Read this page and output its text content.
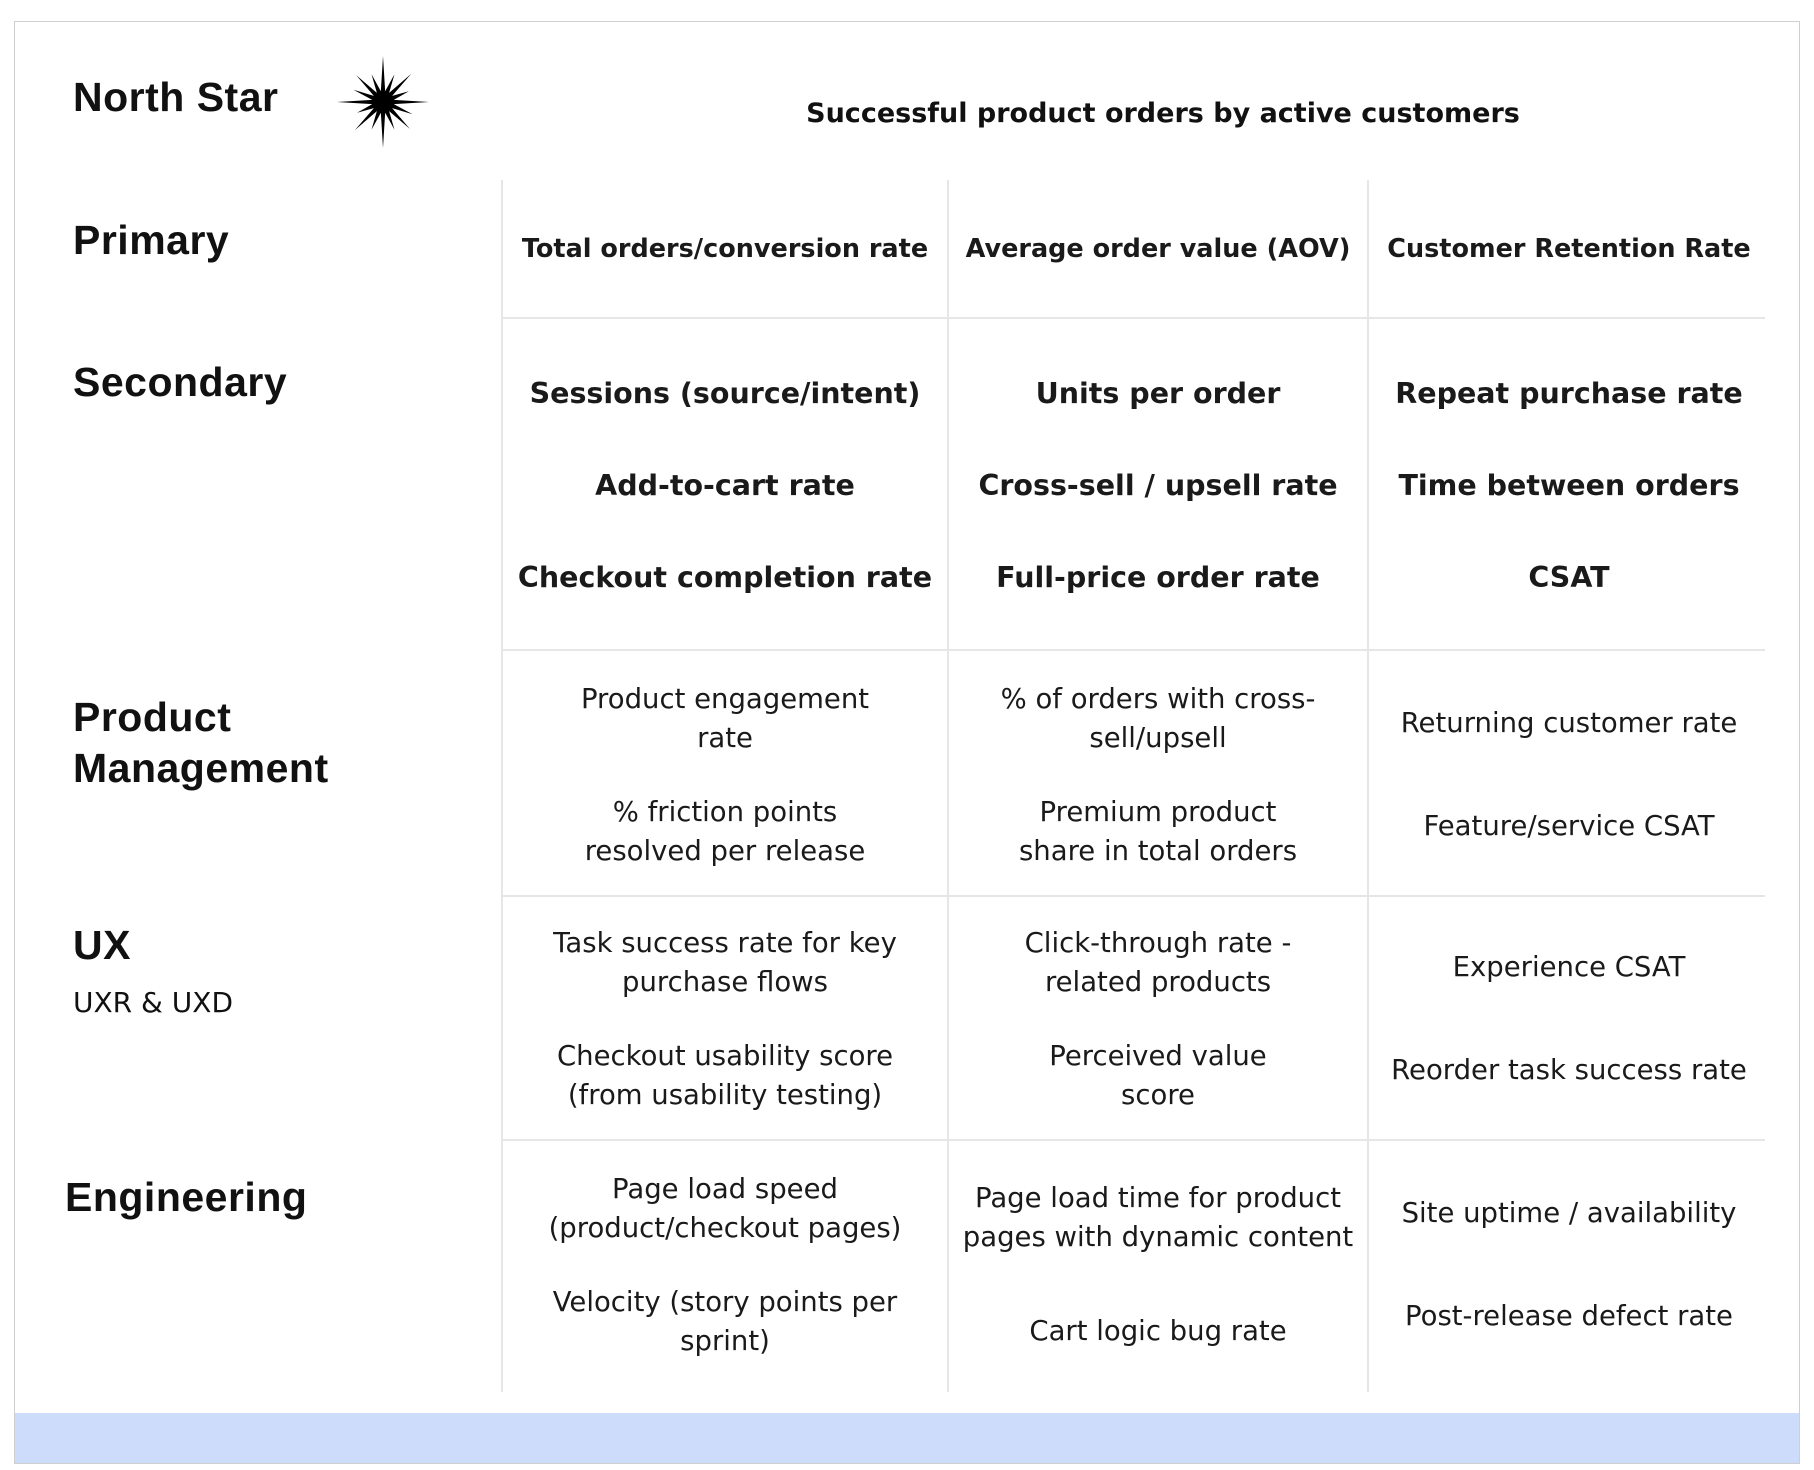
North Star	Successful product orders by active customers
Primary
Secondary
Product Management
UX
UXR & UXD
Engineering
Total orders/conversion rate Average order value (AOV) Customer Retention Rate
Sessions (source/intent)
Add-to-cart rate
Checkout completion rate
Units per order
Cross-sell / upsell rate
Full-price order rate
Repeat purchase rate
Time between orders
CSAT
Product engagement rate
% friction points resolved per release
% of orders with cross-sell/upsell
Premium product share in total orders
Returning customer rate
Feature/service CSAT
Task success rate for key purchase flows
Checkout usability score (from usability testing)
Click-through rate - related products
Perceived value score
Experience CSAT
Reorder task success rate
Page load speed (product/checkout pages)
Velocity (story points per sprint)
Page load time for product pages with dynamic content
Cart logic bug rate
Site uptime / availability
Post-release defect rate
